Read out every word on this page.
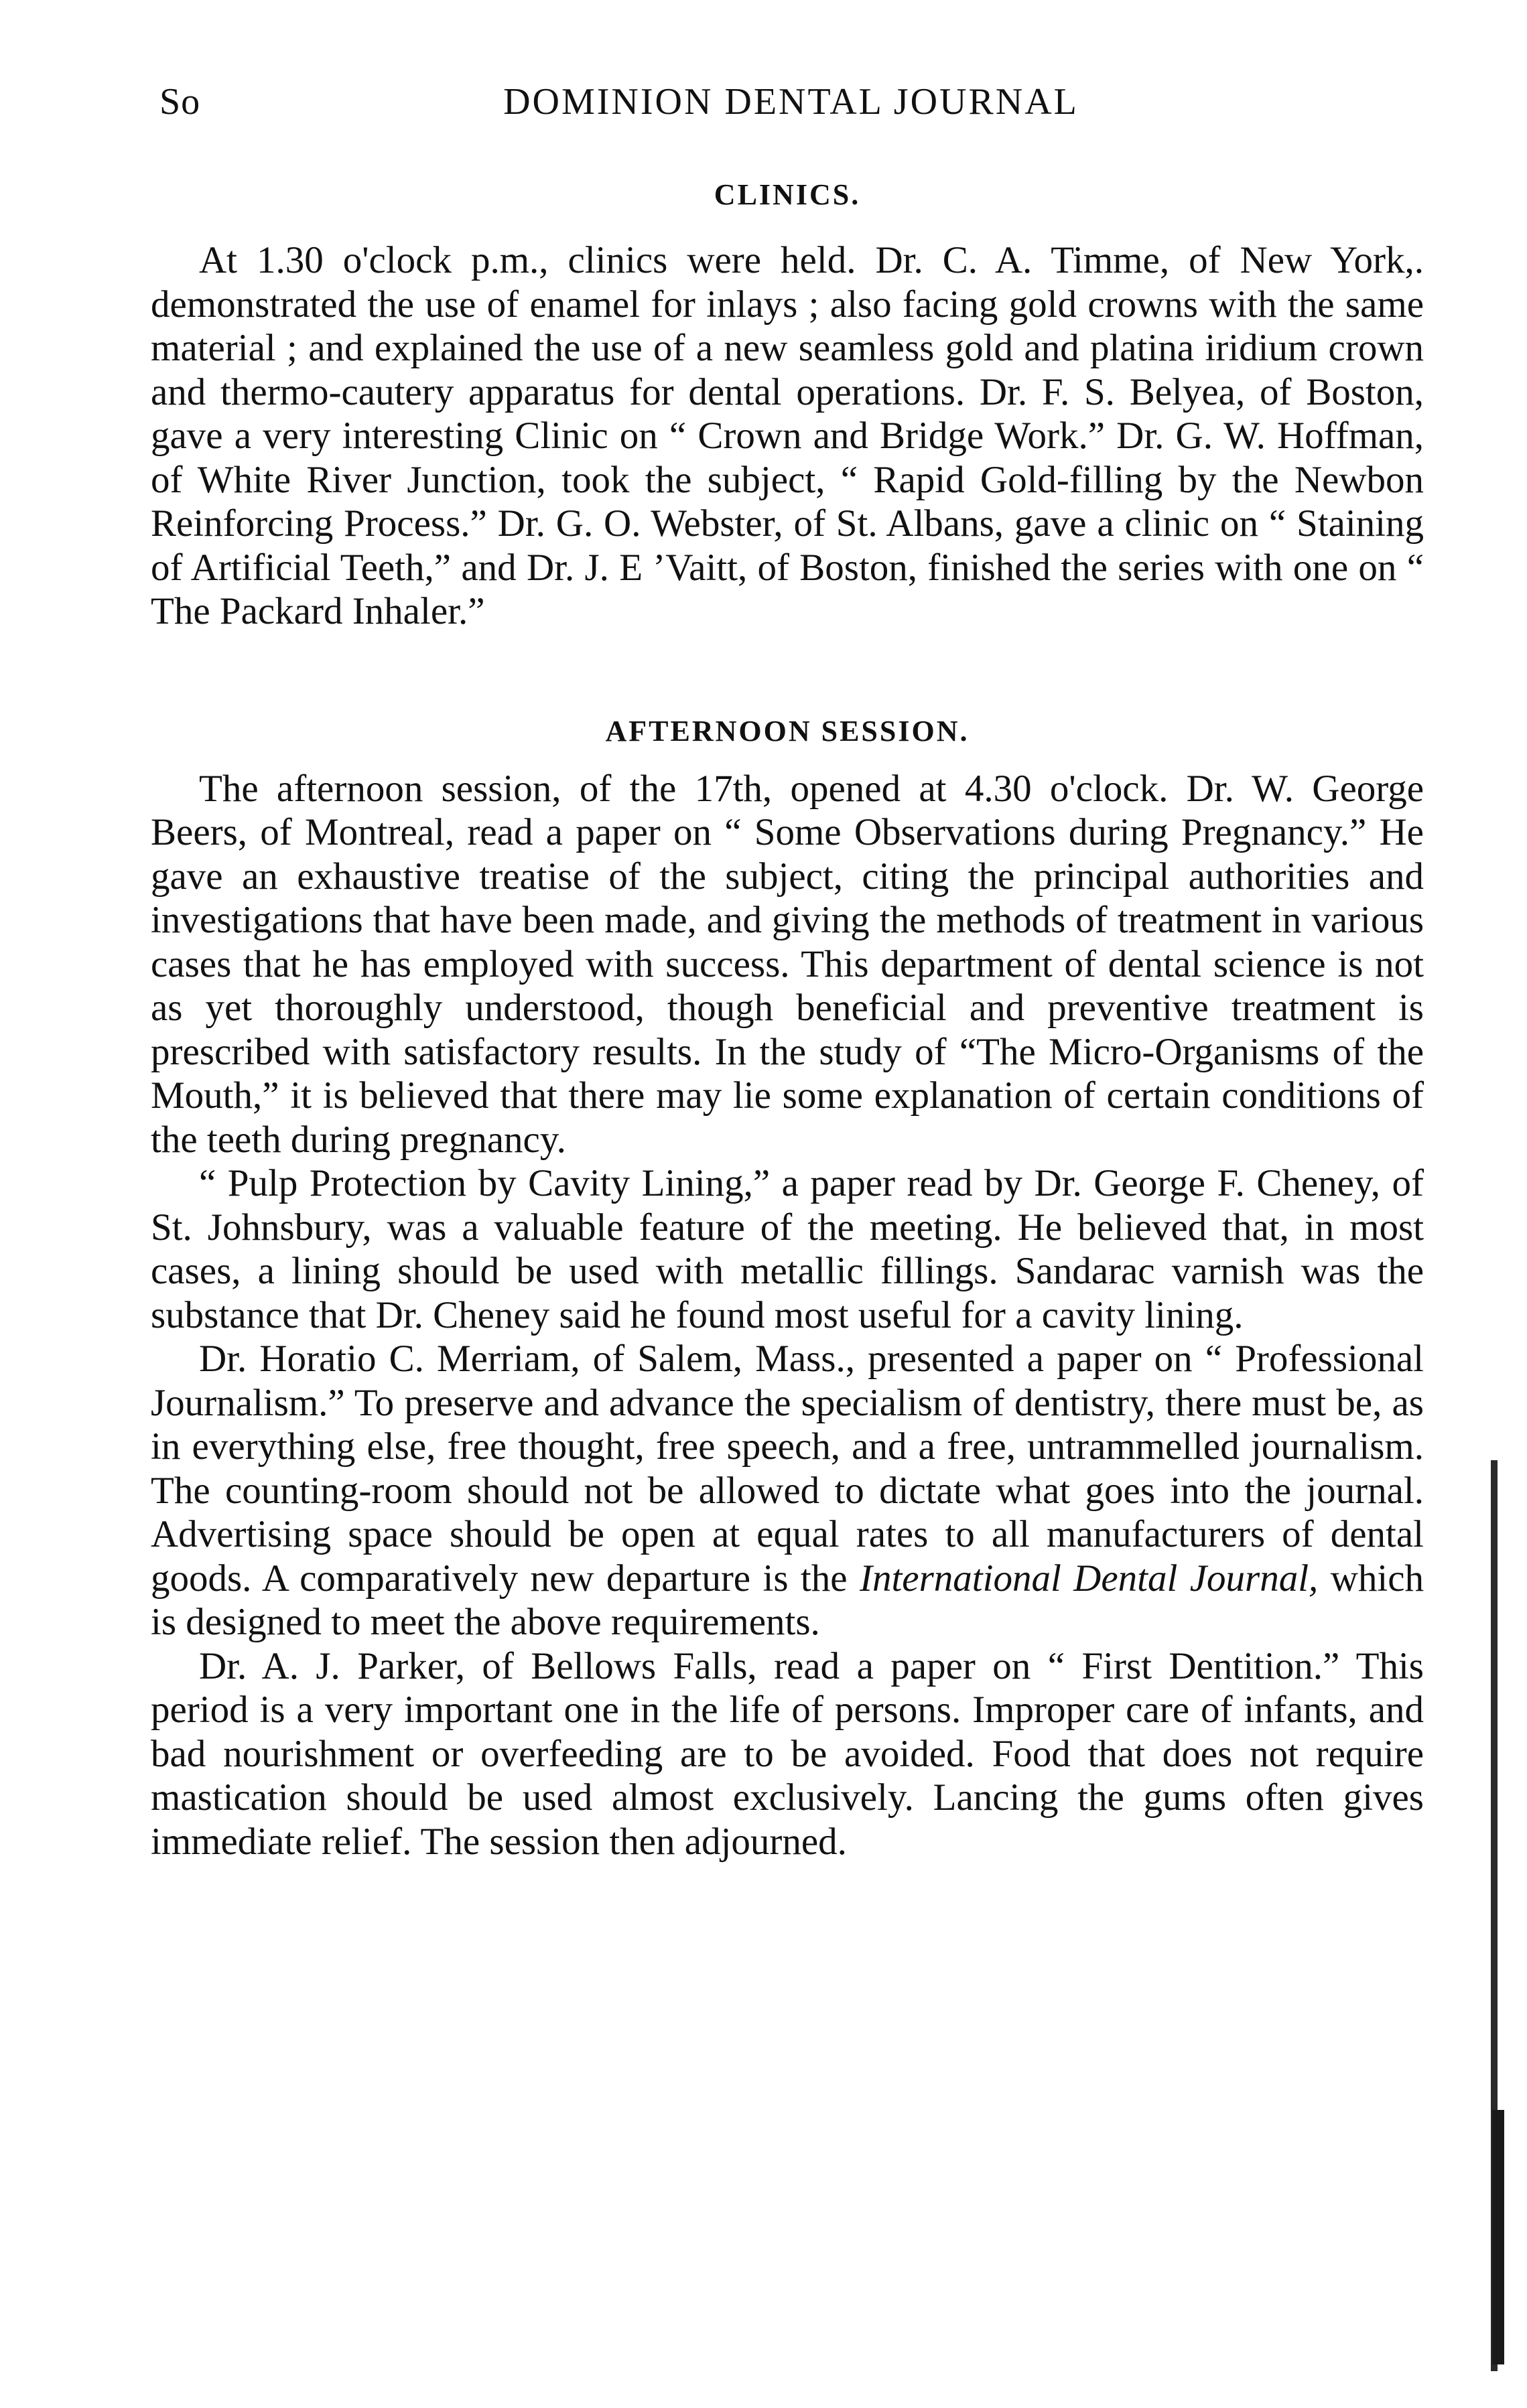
So	DOMINION DENTAL JOURNAL
CLIΝICS.

At 1.30 o'clock p.m., clinics were held. Dr. C. A. Timme, of New York,. demonstrated the use of enamel for inlays ; also facing gold crowns with the same material ; and explained the use of a new seamless gold and platina iridium crown and thermo-cautery apparatus for dental operations. Dr. F. S. Belyea, of Boston, gave a very interesting Clinic on “ Crown and Bridge Work.” Dr. G. W. Hoffman, of White River Junction, took the subject, “ Rapid Gold-filling by the Newbon Reinforcing Process.” Dr. G. O. Webster, of St. Albans, gave a clinic on “ Staining of Artificial Teeth,” and Dr. J. E ’Vaitt, of Boston, finished the series with one on “ The Packard Inhaler.”

AFTERNOON SESSION.

The afternoon session, of the 17th, opened at 4.30 o'clock. Dr. W. George Beers, of Montreal, read a paper on “ Some Observations during Pregnancy.” He gave an exhaustive treatise of the subject, citing the principal authorities and investigations that have been made, and giving the methods of treatment in various cases that he has employed with success. This department of dental science is not as yet thoroughly understood, though beneficial and preventive treatment is prescribed with satisfactory results. In the study of “The Micro-Organisms of the Mouth,” it is believed that there may lie some explanation of certain conditions of the teeth during pregnancy.

“ Pulp Protection by Cavity Lining,” a paper read by Dr. George F. Cheney, of St. Johnsbury, was a valuable feature of the meeting. He believed that, in most cases, a lining should be used with metallic fillings. Sandarac varnish was the substance that Dr. Cheney said he found most useful for a cavity lining.

Dr. Horatio C. Merriam, of Salem, Mass., presented a paper on “ Professional Journalism.” To preserve and advance the specialism of dentistry, there must be, as in everything else, free thought, free speech, and a free, untrammelled journalism. The counting-room should not be allowed to dictate what goes into the journal. Advertising space should be open at equal rates to all manufacturers of dental goods. A comparatively new departure is the International Dental Journal, which is designed to meet the above requirements.

Dr. A. J. Parker, of Bellows Falls, read a paper on “ First Dentition.” This period is a very important one in the life of persons. Improper care of infants, and bad nourishment or overfeeding are to be avoided. Food that does not require mastication should be used almost exclusively. Lancing the gums often gives immediate relief. The session then adjourned.
